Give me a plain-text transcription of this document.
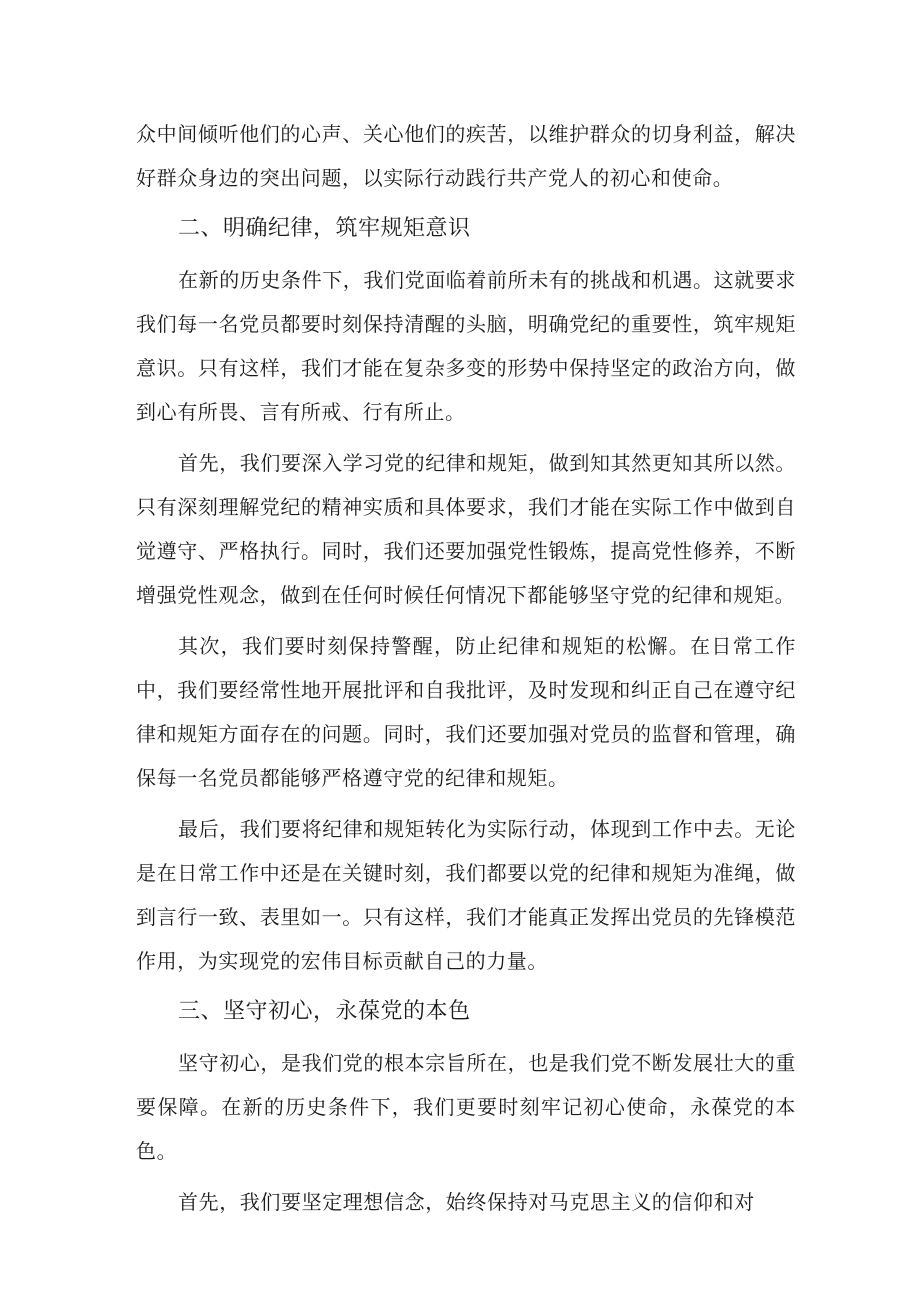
众中间倾听他们的心声、关心他们的疾苦，以维护群众的切身利益，解决好群众身边的突出问题，以实际行动践行共产党人的初心和使命。

二、明确纪律，筑牢规矩意识

在新的历史条件下，我们党面临着前所未有的挑战和机遇。这就要求我们每一名党员都要时刻保持清醒的头脑，明确党纪的重要性，筑牢规矩意识。只有这样，我们才能在复杂多变的形势中保持坚定的政治方向，做到心有所畏、言有所戒、行有所止。

首先，我们要深入学习党的纪律和规矩，做到知其然更知其所以然。只有深刻理解党纪的精神实质和具体要求，我们才能在实际工作中做到自觉遵守、严格执行。同时，我们还要加强党性锻炼，提高党性修养，不断增强党性观念，做到在任何时候任何情况下都能够坚守党的纪律和规矩。

其次，我们要时刻保持警醒，防止纪律和规矩的松懈。在日常工作中，我们要经常性地开展批评和自我批评，及时发现和纠正自己在遵守纪律和规矩方面存在的问题。同时，我们还要加强对党员的监督和管理，确保每一名党员都能够严格遵守党的纪律和规矩。

最后，我们要将纪律和规矩转化为实际行动，体现到工作中去。无论是在日常工作中还是在关键时刻，我们都要以党的纪律和规矩为准绳，做到言行一致、表里如一。只有这样，我们才能真正发挥出党员的先锋模范作用，为实现党的宏伟目标贡献自己的力量。

三、坚守初心，永葆党的本色

坚守初心，是我们党的根本宗旨所在，也是我们党不断发展壮大的重要保障。在新的历史条件下，我们更要时刻牢记初心使命，永葆党的本色。

首先，我们要坚定理想信念，始终保持对马克思主义的信仰和对
